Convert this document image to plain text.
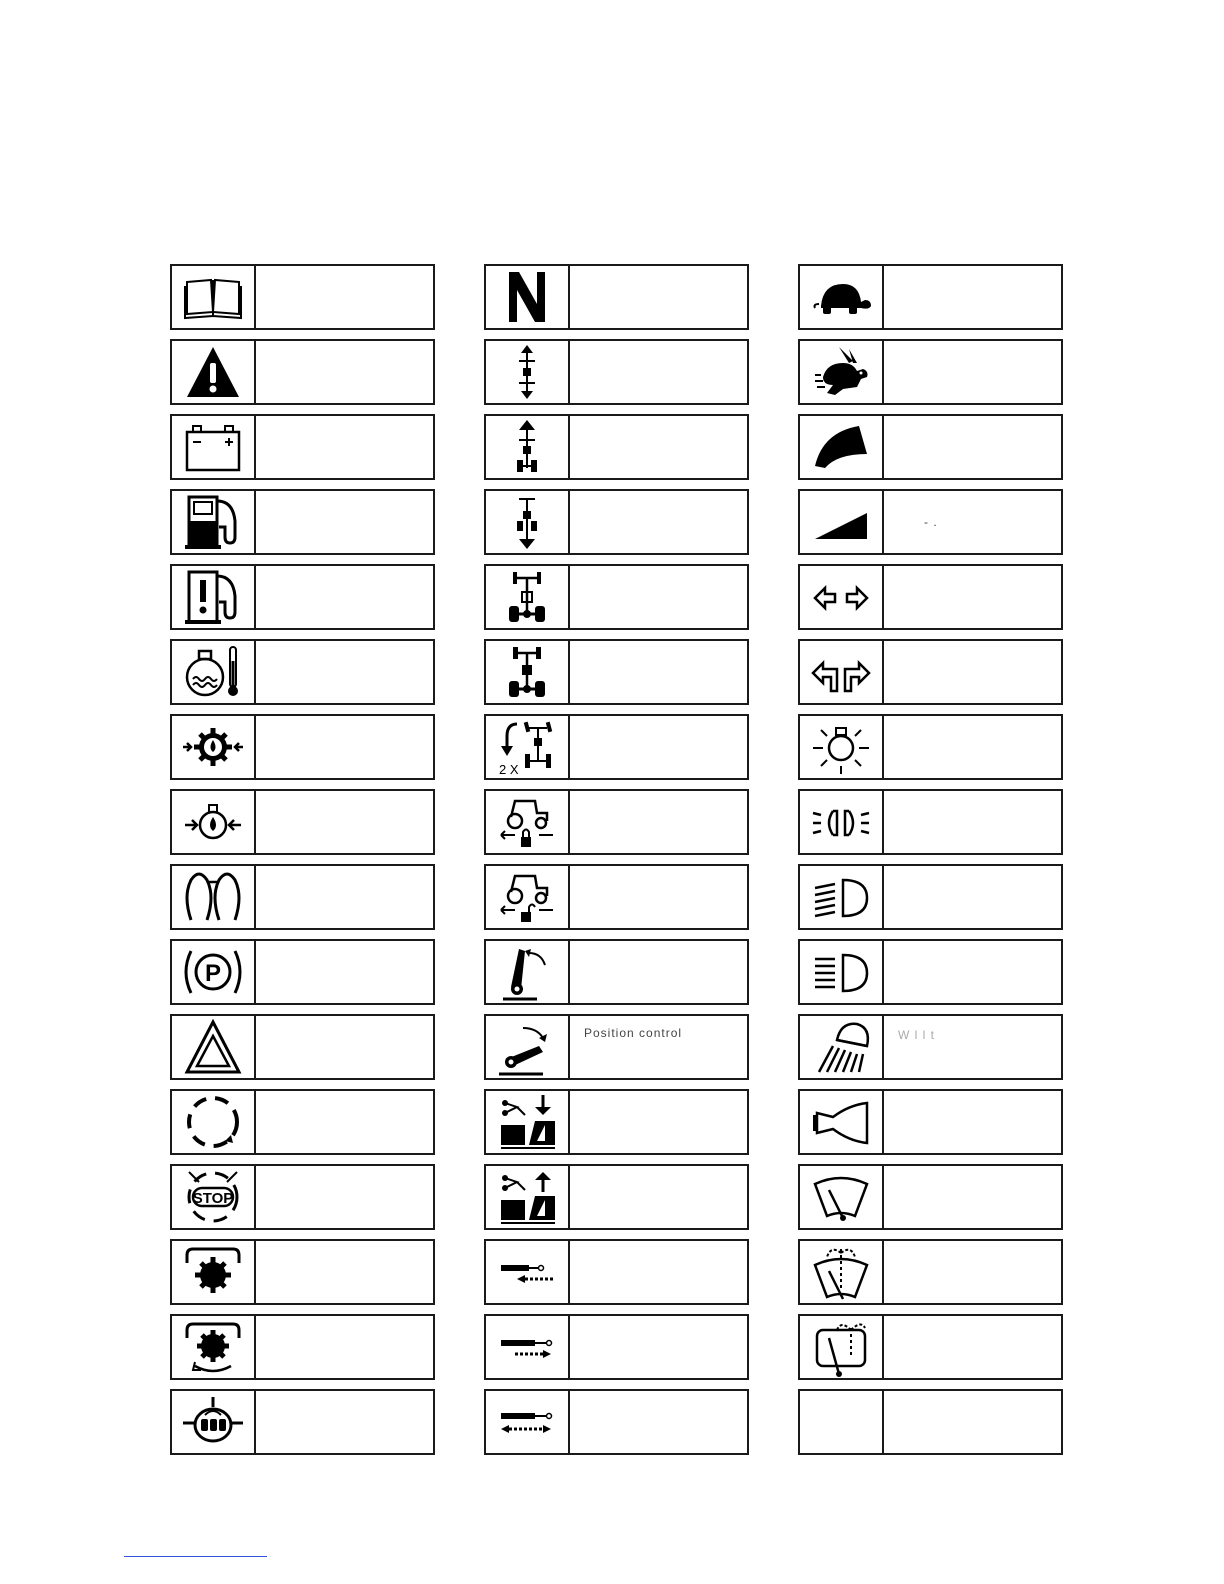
P
STOP
2 X
Position control
- .
W l l t
